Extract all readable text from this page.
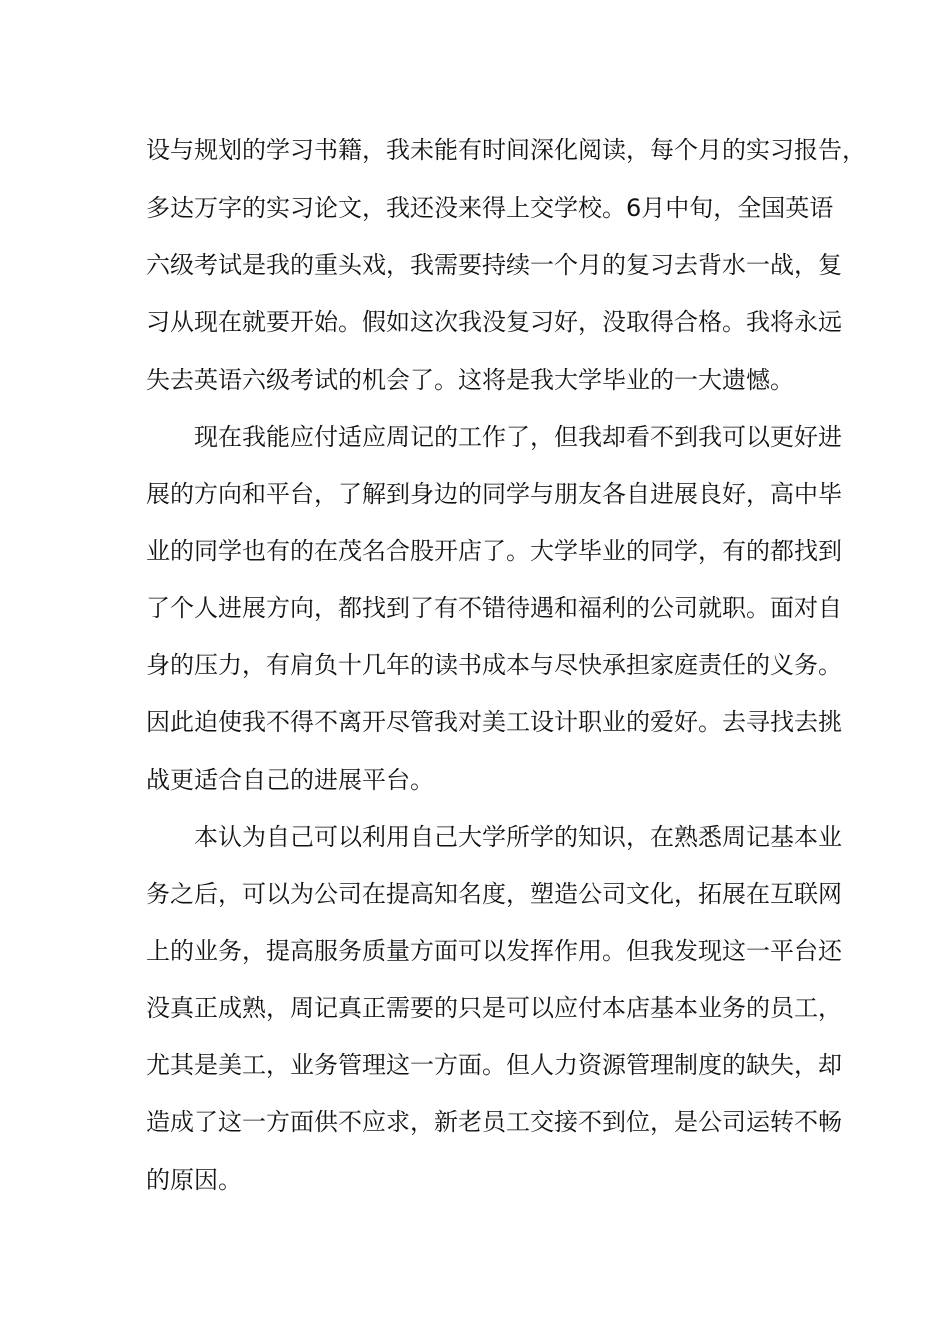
设与规划的学习书籍，我未能有时间深化阅读，每个月的实习报告，
多达万字的实习论文，我还没来得上交学校。6月中旬，全国英语
六级考试是我的重头戏，我需要持续一个月的复习去背水一战，复
习从现在就要开始。假如这次我没复习好，没取得合格。我将永远
失去英语六级考试的机会了。这将是我大学毕业的一大遗憾。
现在我能应付适应周记的工作了，但我却看不到我可以更好进
展的方向和平台，了解到身边的同学与朋友各自进展良好，高中毕
业的同学也有的在茂名合股开店了。大学毕业的同学，有的都找到
了个人进展方向，都找到了有不错待遇和福利的公司就职。面对自
身的压力，有肩负十几年的读书成本与尽快承担家庭责任的义务。
因此迫使我不得不离开尽管我对美工设计职业的爱好。去寻找去挑
战更适合自己的进展平台。
本认为自己可以利用自己大学所学的知识，在熟悉周记基本业
务之后，可以为公司在提高知名度，塑造公司文化，拓展在互联网
上的业务，提高服务质量方面可以发挥作用。但我发现这一平台还
没真正成熟，周记真正需要的只是可以应付本店基本业务的员工，
尤其是美工，业务管理这一方面。但人力资源管理制度的缺失，却
造成了这一方面供不应求，新老员工交接不到位，是公司运转不畅
的原因。
